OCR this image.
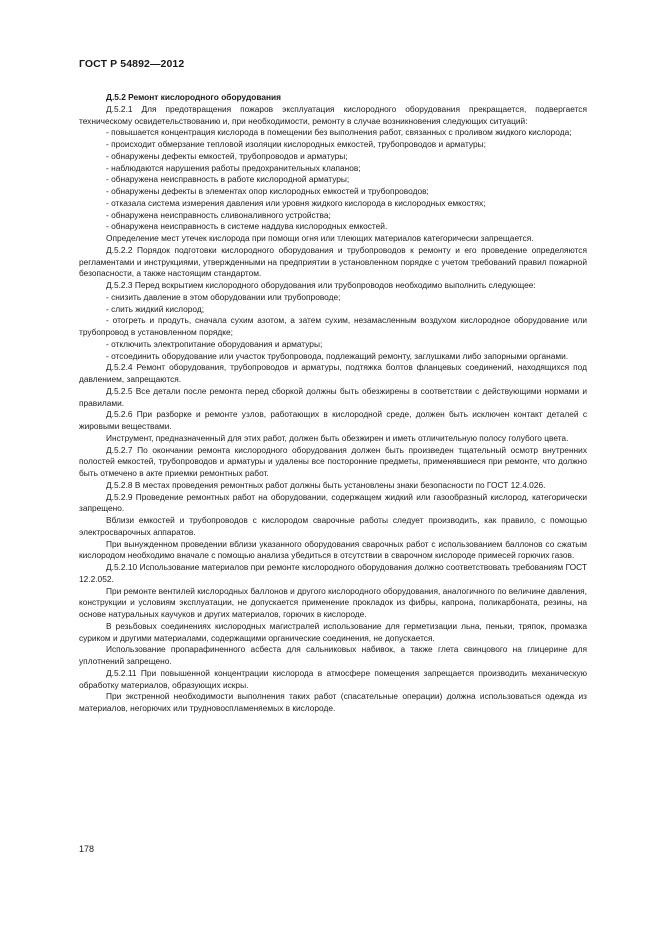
ГОСТ Р 54892—2012

Д.5.2 Ремонт кислородного оборудования

Д.5.2.1 Для предотвращения пожаров эксплуатация кислородного оборудования прекращается, подвергается техническому освидетельствованию и, при необходимости, ремонту в случае возникновения следующих ситуаций:

- повышается концентрация кислорода в помещении без выполнения работ, связанных с проливом жидкого кислорода;

- происходит обмерзание тепловой изоляции кислородных емкостей, трубопроводов и арматуры;

- обнаружены дефекты емкостей, трубопроводов и арматуры;

- наблюдаются нарушения работы предохранительных клапанов;

- обнаружена неисправность в работе кислородной арматуры;

- обнаружены дефекты в элементах опор кислородных емкостей и трубопроводов;

- отказала система измерения давления или уровня жидкого кислорода в кислородных емкостях;

- обнаружена неисправность сливоналивного устройства;

- обнаружена неисправность в системе наддува кислородных емкостей.

Определение мест утечек кислорода при помощи огня или тлеющих материалов категорически запрещается.

Д.5.2.2 Порядок подготовки кислородного оборудования и трубопроводов к ремонту и его проведение определяются регламентами и инструкциями, утвержденными на предприятии в установленном порядке с учетом требований правил пожарной безопасности, а также настоящим стандартом.

Д.5.2.3 Перед вскрытием кислородного оборудования или трубопроводов необходимо выполнить следующее:

- снизить давление в этом оборудовании или трубопроводе;

- слить жидкий кислород;

- отогреть и продуть, сначала сухим азотом, а затем сухим, незамасленным воздухом кислородное оборудование или трубопровод в установленном порядке;

- отключить электропитание оборудования и арматуры;

- отсоединить оборудование или участок трубопровода, подлежащий ремонту, заглушками либо запорными органами.

Д.5.2.4 Ремонт оборудования, трубопроводов и арматуры, подтяжка болтов фланцевых соединений, находящихся под давлением, запрещаются.

Д.5.2.5 Все детали после ремонта перед сборкой должны быть обезжирены в соответствии с действующими нормами и правилами.

Д.5.2.6 При разборке и ремонте узлов, работающих в кислородной среде, должен быть исключен контакт деталей с жировыми веществами.

Инструмент, предназначенный для этих работ, должен быть обезжирен и иметь отличительную полосу голубого цвета.

Д.5.2.7 По окончании ремонта кислородного оборудования должен быть произведен тщательный осмотр внутренних полостей емкостей, трубопроводов и арматуры и удалены все посторонние предметы, применявшиеся при ремонте, что должно быть отмечено в акте приемки ремонтных работ.

Д.5.2.8 В местах проведения ремонтных работ должны быть установлены знаки безопасности по ГОСТ 12.4.026.

Д.5.2.9 Проведение ремонтных работ на оборудовании, содержащем жидкий или газообразный кислород, категорически запрещено.

Вблизи емкостей и трубопроводов с кислородом сварочные работы следует производить, как правило, с помощью электросварочных аппаратов.

При вынужденном проведении вблизи указанного оборудования сварочных работ с использованием баллонов со сжатым кислородом необходимо вначале с помощью анализа убедиться в отсутствии в сварочном кислороде примесей горючих газов.

Д.5.2.10 Использование материалов при ремонте кислородного оборудования должно соответствовать требованиям ГОСТ 12.2.052.

При ремонте вентилей кислородных баллонов и другого кислородного оборудования, аналогичного по величине давления, конструкции и условиям эксплуатации, не допускается применение прокладок из фибры, капрона, поликарбоната, резины, на основе натуральных каучуков и других материалов, горючих в кислороде.

В резьбовых соединениях кислородных магистралей использование для герметизации льна, пеньки, тряпок, промазка суриком и другими материалами, содержащими органические соединения, не допускается.

Использование пропарафиненного асбеста для сальниковых набивок, а также глета свинцового на глицерине для уплотнений запрещено.

Д.5.2.11 При повышенной концентрации кислорода в атмосфере помещения запрещается производить механическую обработку материалов, образующих искры.

При экстренной необходимости выполнения таких работ (спасательные операции) должна использоваться одежда из материалов, негорючих или трудновоспламеняемых в кислороде.

178
